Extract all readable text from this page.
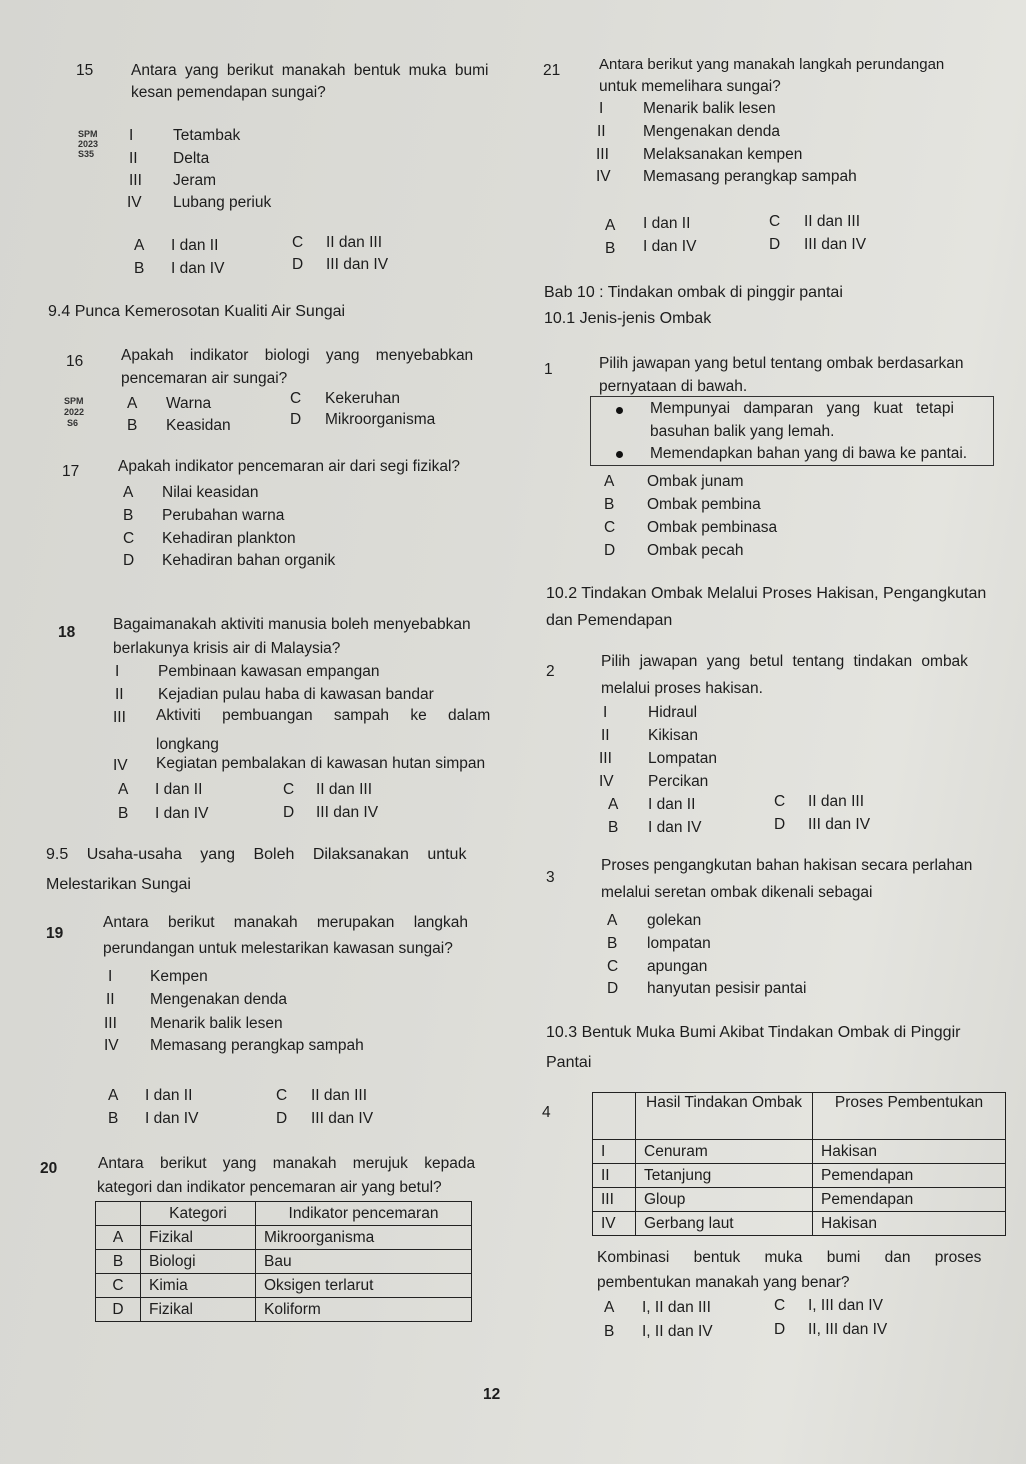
15 Antara yang berikut manakah bentuk muka bumi
kesan pemendapan sungai?
SPM
2023
S35
I	Tetambak
II Delta
III Jeram
IV Lubang periuk
A I dan II
B I dan IV
C II dan III
D III dan IV
9.4 Punca Kemerosotan Kualiti Air Sungai
16 Apakah indikator biologi yang menyebabkan
pencemaran air sungai?
SPM
2022
S6
A Warna
B Keasidan
C Kekeruhan
D Mikroorganisma
17	Apakah indikator pencemaran air dari segi fizikal?
A Nilai keasidan
B Perubahan warna
C Kehadiran plankton
D Kehadiran bahan organik
18 Bagaimanakah aktiviti manusia boleh menyebabkan
berlakunya krisis air di Malaysia?
I Pembinaan kawasan empangan
II Kejadian pulau haba di kawasan bandar
III Aktiviti pembuangan sampah ke dalam
longkang
IV Kegiatan pembalakan di kawasan hutan simpan
A I dan II
B I dan IV
C II dan III
D III dan IV
9.5 Usaha-usaha yang Boleh Dilaksanakan untuk
Melestarikan Sungai
19
Antara berikut manakah merupakan langkah
perundangan untuk melestarikan kawasan sungai?
I Kempen
II Mengenakan denda
III Menarik balik lesen
IV Memasang perangkap sampah
A I dan II
B I dan IV
C II dan III
D III dan IV
20	Antara berikut yang manakah merujuk kepada
kategori dan indikator pencemaran air yang betul?
	Kategori	Indikator pencemaran
A	Fizikal	Mikroorganisma
B	Biologi	Bau
C	Kimia	Oksigen terlarut
D	Fizikal	Koliform
21	Antara berikut yang manakah langkah perundangan
untuk memelihara sungai?
I	Menarik balik lesen
II Mengenakan denda
III Melaksanakan kempen
IV Memasang perangkap sampah
A I dan II
B I dan IV
C II dan III
D III dan IV
Bab 10 : Tindakan ombak di pinggir pantai
10.1 Jenis-jenis Ombak
1	Pilih jawapan yang betul tentang ombak berdasarkan
pernyataan di bawah.
Mempunyai damparan yang kuat tetapi
basuhan balik yang lemah.
Memendapkan bahan yang di bawa ke pantai.
A Ombak junam
B Ombak pembina
C Ombak pembinasa
D Ombak pecah
10.2 Tindakan Ombak Melalui Proses Hakisan, Pengangkutan
dan Pemendapan
2
Pilih jawapan yang betul tentang tindakan ombak
melalui proses hakisan.
I	Hidraul
II Kikisan
III Lompatan
IV Percikan
A I dan II
B I dan IV
C II dan III
D III dan IV
3
Proses pengangkutan bahan hakisan secara perlahan
melalui seretan ombak dikenali sebagai
A golekan
B lompatan
C apungan
D hanyutan pesisir pantai
10.3 Bentuk Muka Bumi Akibat Tindakan Ombak di Pinggir
Pantai
4
	Hasil Tindakan Ombak	Proses Pembentukan
I	Cenuram	Hakisan
II	Tetanjung	Pemendapan
III	Gloup	Pemendapan
IV	Gerbang laut	Hakisan
Kombinasi bentuk muka bumi dan proses
pembentukan manakah yang benar?
A I, II dan III
B I, II dan IV
C I, III dan IV
D II, III dan IV
12
